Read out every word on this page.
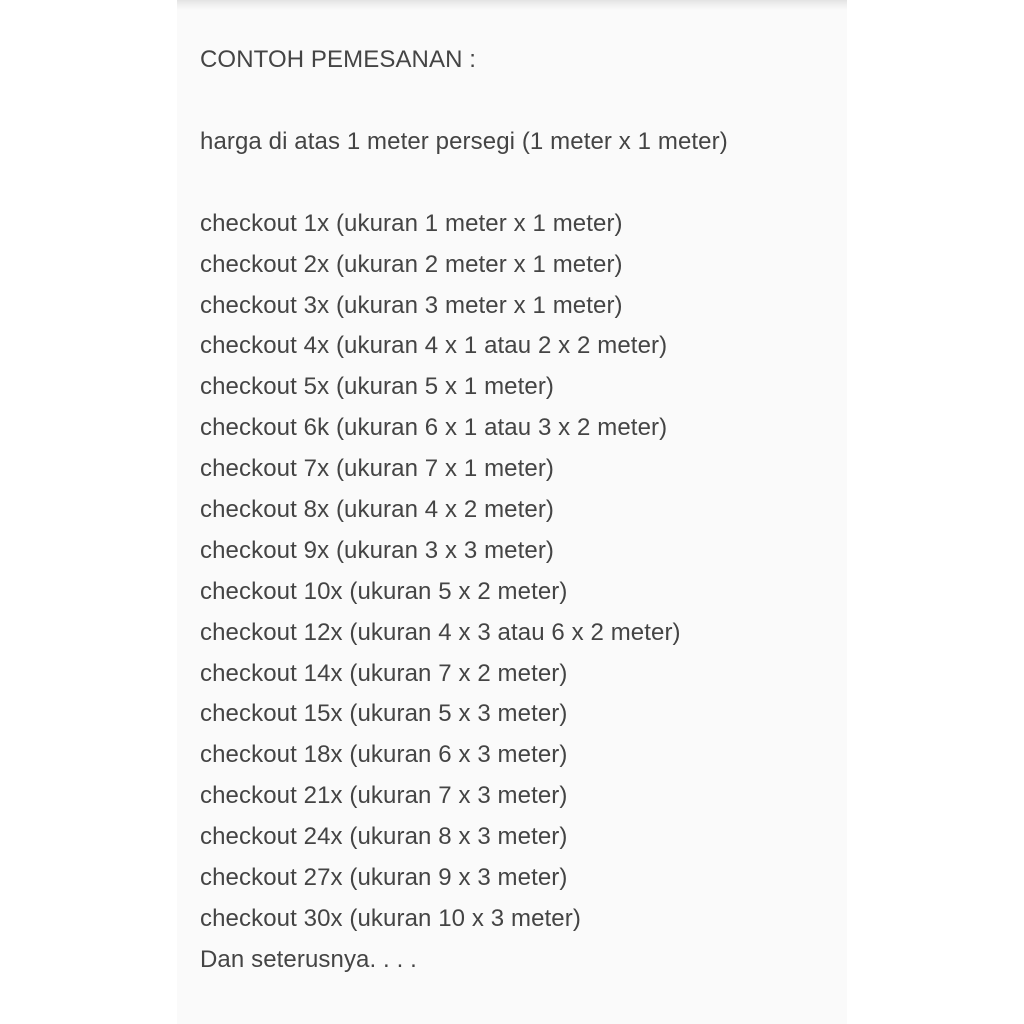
CONTOH PEMESANAN :
harga di atas 1 meter persegi (1 meter x 1 meter)
checkout 1x (ukuran 1 meter x 1 meter)
checkout 2x (ukuran 2 meter x 1 meter)
checkout 3x (ukuran 3 meter x 1 meter)
checkout 4x (ukuran 4 x 1 atau 2 x 2 meter)
checkout 5x (ukuran 5 x 1 meter)
checkout 6k (ukuran 6 x 1 atau 3 x 2 meter)
checkout 7x (ukuran 7 x 1 meter)
checkout 8x (ukuran 4 x 2 meter)
checkout 9x (ukuran 3 x 3 meter)
checkout 10x (ukuran 5 x 2 meter)
checkout 12x (ukuran 4 x 3 atau 6 x 2 meter)
checkout 14x (ukuran 7 x 2 meter)
checkout 15x (ukuran 5 x 3 meter)
checkout 18x (ukuran 6 x 3 meter)
checkout 21x (ukuran 7 x 3 meter)
checkout 24x (ukuran 8 x 3 meter)
checkout 27x (ukuran 9 x 3 meter)
checkout 30x (ukuran 10 x 3 meter)
Dan seterusnya. . . .
